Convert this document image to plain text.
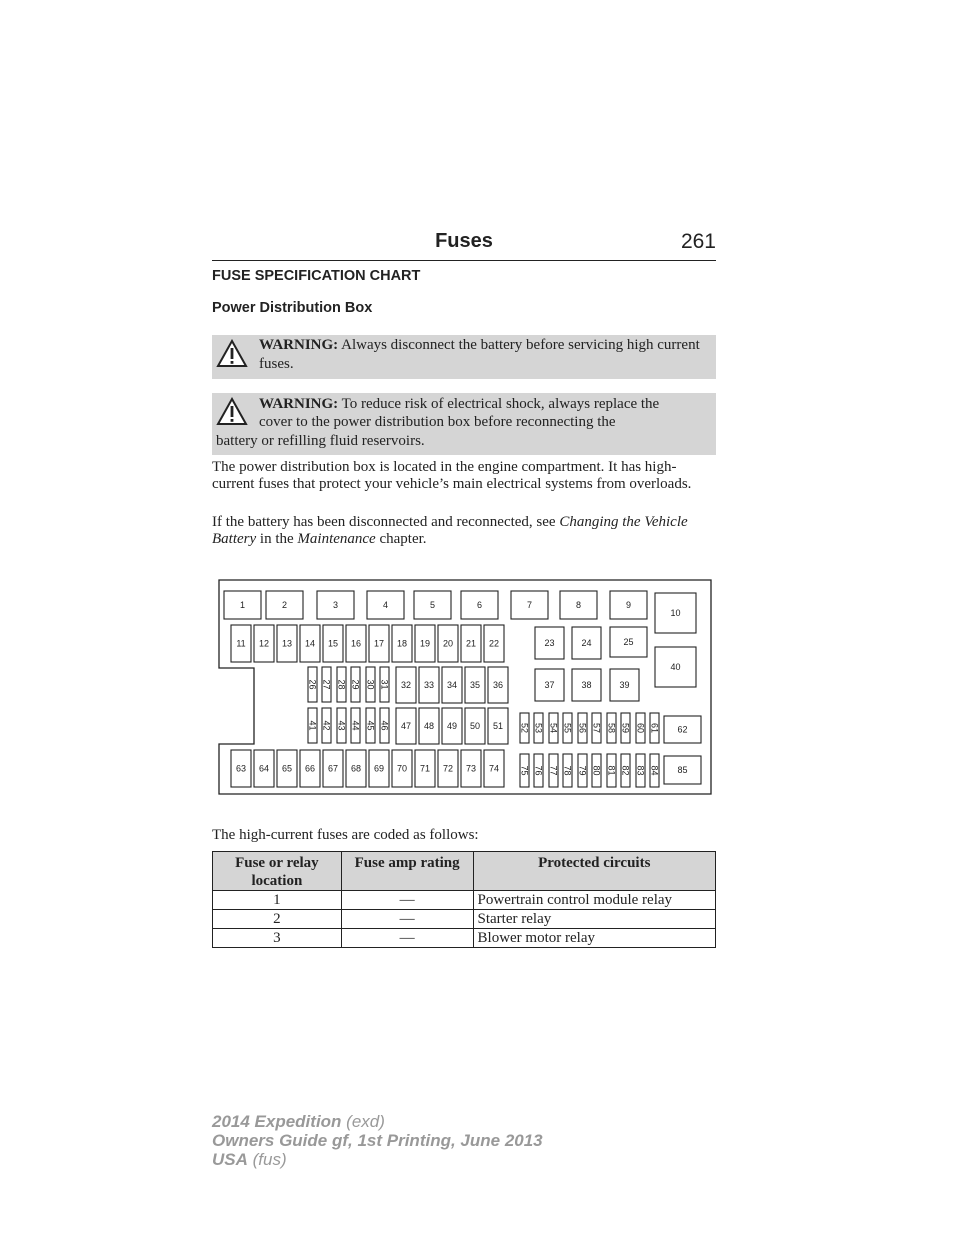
Fuses	261
FUSE SPECIFICATION CHART
Power Distribution Box
WARNING: Always disconnect the battery before servicing high current fuses.
WARNING: To reduce risk of electrical shock, always replace the
cover to the power distribution box before reconnecting the
battery or refilling fluid reservoirs.
The power distribution box is located in the engine compartment. It has high-current fuses that protect your vehicle’s main electrical systems from overloads.
If the battery has been disconnected and reconnected, see Changing the Vehicle Battery in the Maintenance chapter.
1	2	3	4	5	6	7	8	9
10
11 12 13 14 15 16 17 18 19 20 21 22	23	24	25
26 27 28 29 30 31 32 33 34 35 36	37	38	39
40
41 42 43 44 45 46 47 48 49 50 51 52 53 54 55 56 57 58 59 60 61 62
63 64 65 66 67 68 69 70 71 72 73 74 75 76 77 78 79 80 81 82 83 84 85
The high-current fuses are coded as follows:
Fuse or relay location	Fuse amp rating	Protected circuits
1	—	Powertrain control module relay
2	—	Starter relay
3	—	Blower motor relay
2014 Expedition (exd)
Owners Guide gf, 1st Printing, June 2013
USA (fus)
